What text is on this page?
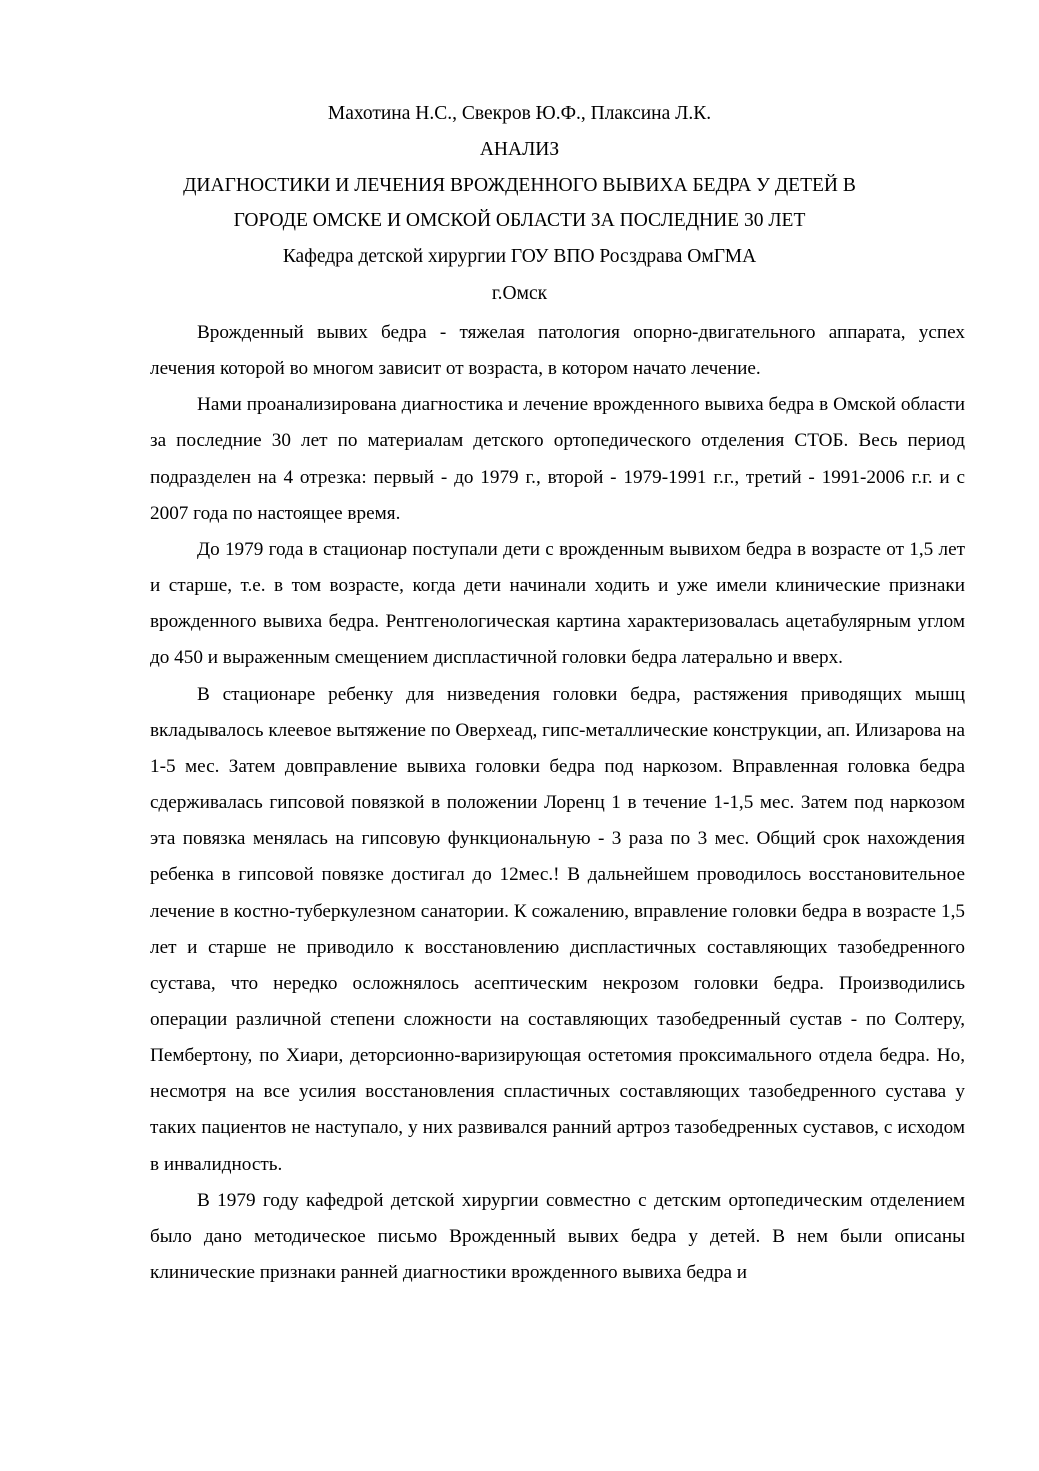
Махотина Н.С., Свекров Ю.Ф., Плаксина Л.К.
АНАЛИЗ
ДИАГНОСТИКИ И ЛЕЧЕНИЯ ВРОЖДЕННОГО ВЫВИХА БЕДРА У ДЕТЕЙ В
ГОРОДЕ ОМСКЕ И ОМСКОЙ ОБЛАСТИ ЗА ПОСЛЕДНИЕ 30 ЛЕТ
Кафедра детской хирургии ГОУ ВПО Росздрава ОмГМА
г.Омск

Врожденный вывих бедра - тяжелая патология опорно-двигательного аппарата, успех лечения которой во многом зависит от возраста, в котором начато лечение.

Нами проанализирована диагностика и лечение врожденного вывиха бедра в Омской области за последние 30 лет по материалам детского ортопедического отделения СТОБ. Весь период подразделен на 4 отрезка: первый - до 1979 г., второй - 1979-1991 г.г., третий - 1991-2006 г.г. и с 2007 года по настоящее время.

До 1979 года в стационар поступали дети с врожденным вывихом бедра в возрасте от 1,5 лет и старше, т.е. в том возрасте, когда дети начинали ходить и уже имели клинические признаки врожденного вывиха бедра. Рентгенологическая картина характеризовалась ацетабулярным углом до 450 и выраженным смещением диспластичной головки бедра латерально и вверх.

В стационаре ребенку для низведения головки бедра, растяжения приводящих мышц вкладывалось клеевое вытяжение по Оверхеад, гипс-металлические конструкции, ап. Илизарова на 1-5 мес. Затем довправление вывиха головки бедра под наркозом. Вправленная головка бедра сдерживалась гипсовой повязкой в положении Лоренц 1 в течение 1-1,5 мес. Затем под наркозом эта повязка менялась на гипсовую функциональную - 3 раза по 3 мес. Общий срок нахождения ребенка в гипсовой повязке достигал до 12мес.! В дальнейшем проводилось восстановительное лечение в костно-туберкулезном санатории. К сожалению, вправление головки бедра в возрасте 1,5 лет и старше не приводило к восстановлению диспластичных составляющих тазобедренного сустава, что нередко осложнялось асептическим некрозом головки бедра. Производились операции различной степени сложности на составляющих тазобедренный сустав - по Солтеру, Пембертону, по Хиари, деторсионно-варизирующая остетомия проксимального отдела бедра. Но, несмотря на все усилия восстановления спластичных составляющих тазобедренного сустава у таких пациентов не наступало, у них развивался ранний артроз тазобедренных суставов, с исходом в инвалидность.

В 1979 году кафедрой детской хирургии совместно с детским ортопедическим отделением было дано методическое письмо Врожденный вывих бедра у детей. В нем были описаны клинические признаки ранней диагностики врожденного вывиха бедра и
